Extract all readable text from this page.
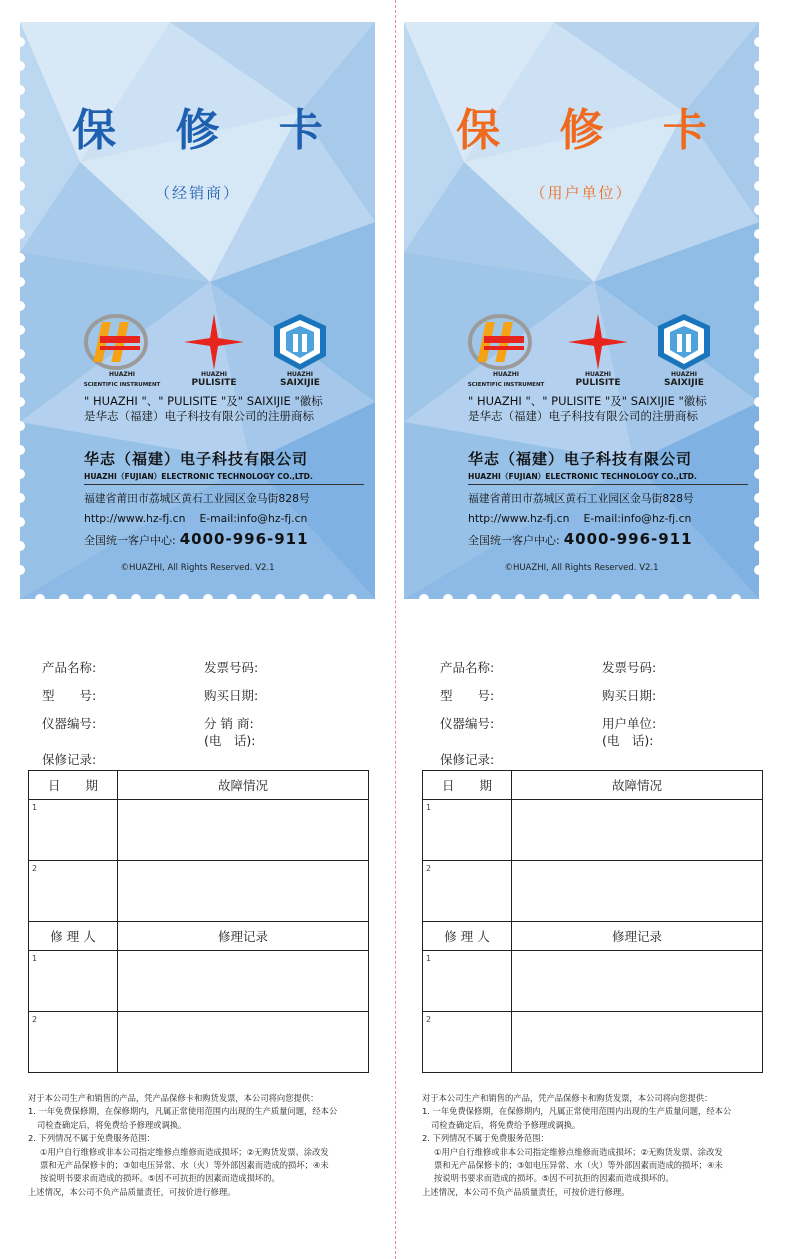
保 修 卡
（经销商）
HUAZHI
SCIENTIFIC INSTRUMENT
HUAZHI
PULISITE
HUAZHI
SAIXIJIE
" HUAZHI "、" PULISITE "及" SAIXIJIE "徽标
是华志（福建）电子科技有限公司的注册商标
华志（福建）电子科技有限公司
HUAZHI（FUJIAN）ELECTRONIC TECHNOLOGY CO.,LTD.
福建省莆田市荔城区黄石工业园区金马街828号
http://www.hz-fj.cn E-mail:info@hz-fj.cn
全国统一客户中心: 4000-996-911
©HUAZHI, All Rights Reserved. V2.1
保 修 卡
（用户单位）
HUAZHI
SCIENTIFIC INSTRUMENT
HUAZHI
PULISITE
HUAZHI
SAIXIJIE
" HUAZHI "、" PULISITE "及" SAIXIJIE "徽标
是华志（福建）电子科技有限公司的注册商标
华志（福建）电子科技有限公司
HUAZHI（FUJIAN）ELECTRONIC TECHNOLOGY CO.,LTD.
福建省莆田市荔城区黄石工业园区金马街828号
http://www.hz-fj.cn E-mail:info@hz-fj.cn
全国统一客户中心: 4000-996-911
©HUAZHI, All Rights Reserved. V2.1
产品名称:	发票号码:
型　　号:	购买日期:
仪器编号:	分 销 商:
(电　话):
保修记录:
日　　期	故障情况

1	

2	

修 理 人	修理记录

1	

2	

对于本公司生产和销售的产品，凭产品保修卡和购货发票，本公司将向您提供：
1. 一年免费保修期，在保修期内，凡属正常使用范围内出现的生产质量问题，经本公
司检查确定后，将免费给予修理或调换。
2. 下列情况不属于免费服务范围：
①用户自行维修或非本公司指定维修点维修而造成损坏；②无购货发票、涂改发
票和无产品保修卡的；③如电压异常、水（火）等外部因素而造成的损坏；④未
按说明书要求而造成的损坏。⑤因不可抗拒的因素而造成损坏的。
上述情况，本公司不负产品质量责任，可按价进行修理。
产品名称:	发票号码:
型　　号:	购买日期:
仪器编号:	用户单位:
(电　话):
保修记录:
日　　期	故障情况

1	

2	

修 理 人	修理记录

1	

2	

对于本公司生产和销售的产品，凭产品保修卡和购货发票，本公司将向您提供：
1. 一年免费保修期，在保修期内，凡属正常使用范围内出现的生产质量问题，经本公
司检查确定后，将免费给予修理或调换。
2. 下列情况不属于免费服务范围：
①用户自行维修或非本公司指定维修点维修而造成损坏；②无购货发票、涂改发
票和无产品保修卡的；③如电压异常、水（火）等外部因素而造成的损坏；④未
按说明书要求而造成的损坏。⑤因不可抗拒的因素而造成损坏的。
上述情况，本公司不负产品质量责任，可按价进行修理。
